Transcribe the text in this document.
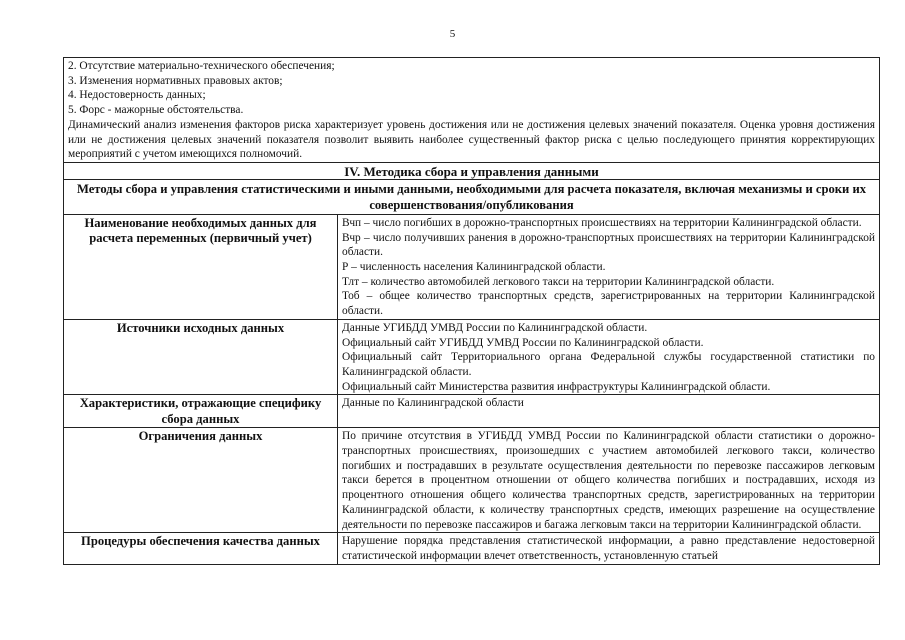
5
2. Отсутствие материально-технического обеспечения;
3. Изменения нормативных правовых актов;
4. Недостоверность данных;
5. Форс - мажорные обстоятельства.
Динамический анализ изменения факторов риска характеризует уровень достижения или не достижения целевых значений показателя. Оценка уровня достижения или не достижения целевых значений показателя позволит выявить наиболее существенный фактор риска с целью последующего принятия корректирующих мероприятий с учетом имеющихся полномочий.	

IV. Методика сбора и управления данными	
Методы сбора и управления статистическими и иными данными, необходимыми для расчета показателя, включая механизмы и сроки их совершенствования/опубликования	
Наименование необходимых данных для расчета переменных (первичный учет)	Вчп – число погибших в дорожно-транспортных происшествиях на территории Калининградской области.
Вчр – число получивших ранения в дорожно-транспортных происшествиях на территории Калининградской области.
Р – численность населения Калининградской области.
Тлт – количество автомобилей легкового такси на территории Калининградской области.
Тоб – общее количество транспортных средств, зарегистрированных на территории Калининградской области.

Источники исходных данных	Данные УГИБДД УМВД России по Калининградской области.
Официальный сайт УГИБДД УМВД России по Калининградской области.
Официальный сайт Территориального органа Федеральной службы государственной статистики по Калининградской области.
Официальный сайт Министерства развития инфраструктуры Калининградской области.

Характеристики, отражающие специфику сбора данных	Данные по Калининградской области

Ограничения данных	По причине отсутствия в УГИБДД УМВД России по Калининградской области статистики о дорожно-транспортных происшествиях, произошедших с участием автомобилей легкового такси, количество погибших и пострадавших в результате осуществления деятельности по перевозке пассажиров легковым такси берется в процентном отношении от общего количества погибших и пострадавших, исходя из процентного отношения общего количества транспортных средств, зарегистрированных на территории Калининградской области, к количеству транспортных средств, имеющих разрешение на осуществление деятельности по перевозке пассажиров и багажа легковым такси на территории Калининградской области.

Процедуры обеспечения качества данных	Нарушение порядка представления статистической информации, а равно представление недостоверной статистической информации влечет ответственность, установленную статьей
